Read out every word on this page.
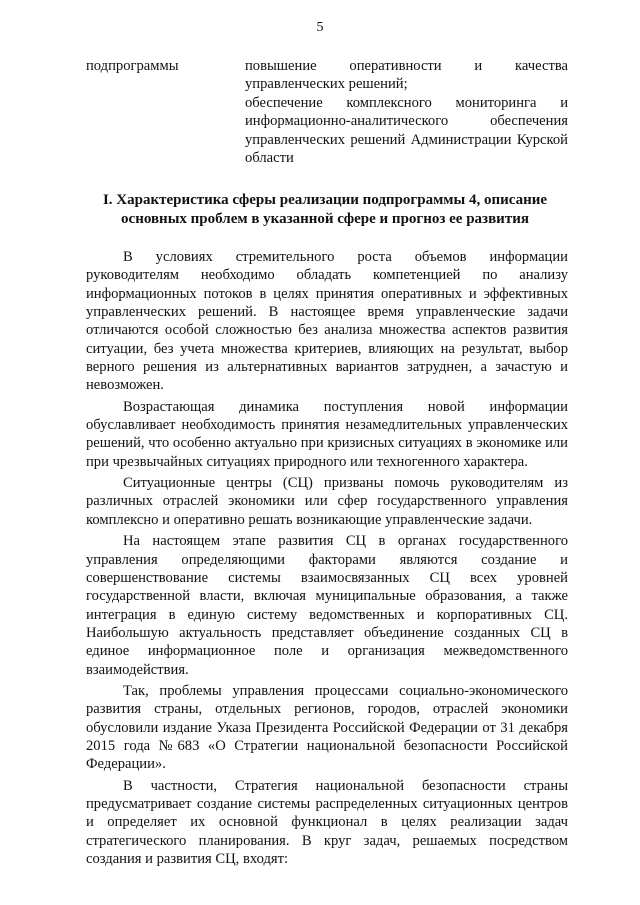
5
подпрограммы	повышение оперативности и качества управленческих решений;

обеспечение комплексного мониторинга и информационно-аналитического обеспечения управленческих решений Администрации Курской области

I. Характеристика сферы реализации подпрограммы 4, описание основных проблем в указанной сфере и прогноз ее развития

В условиях стремительного роста объемов информации руководителям необходимо обладать компетенцией по анализу информационных потоков в целях принятия оперативных и эффективных управленческих решений. В настоящее время управленческие задачи отличаются особой сложностью без анализа множества аспектов развития ситуации, без учета множества критериев, влияющих на результат, выбор верного решения из альтернативных вариантов затруднен, а зачастую и невозможен.

Возрастающая динамика поступления новой информации обуславливает необходимость принятия незамедлительных управленческих решений, что особенно актуально при кризисных ситуациях в экономике или при чрезвычайных ситуациях природного или техногенного характера.

Ситуационные центры (СЦ) призваны помочь руководителям из различных отраслей экономики или сфер государственного управления комплексно и оперативно решать возникающие управленческие задачи.

На настоящем этапе развития СЦ в органах государственного управления определяющими факторами являются создание и совершенствование системы взаимосвязанных СЦ всех уровней государственной власти, включая муниципальные образования, а также интеграция в единую систему ведомственных и корпоративных СЦ. Наибольшую актуальность представляет объединение созданных СЦ в единое информационное поле и организация межведомственного взаимодействия.

Так, проблемы управления процессами социально-экономического развития страны, отдельных регионов, городов, отраслей экономики обусловили издание Указа Президента Российской Федерации от 31 декабря 2015 года №683 «О Стратегии национальной безопасности Российской Федерации».

В частности, Стратегия национальной безопасности страны предусматривает создание системы распределенных ситуационных центров и определяет их основной функционал в целях реализации задач стратегического планирования. В круг задач, решаемых посредством создания и развития СЦ, входят:
